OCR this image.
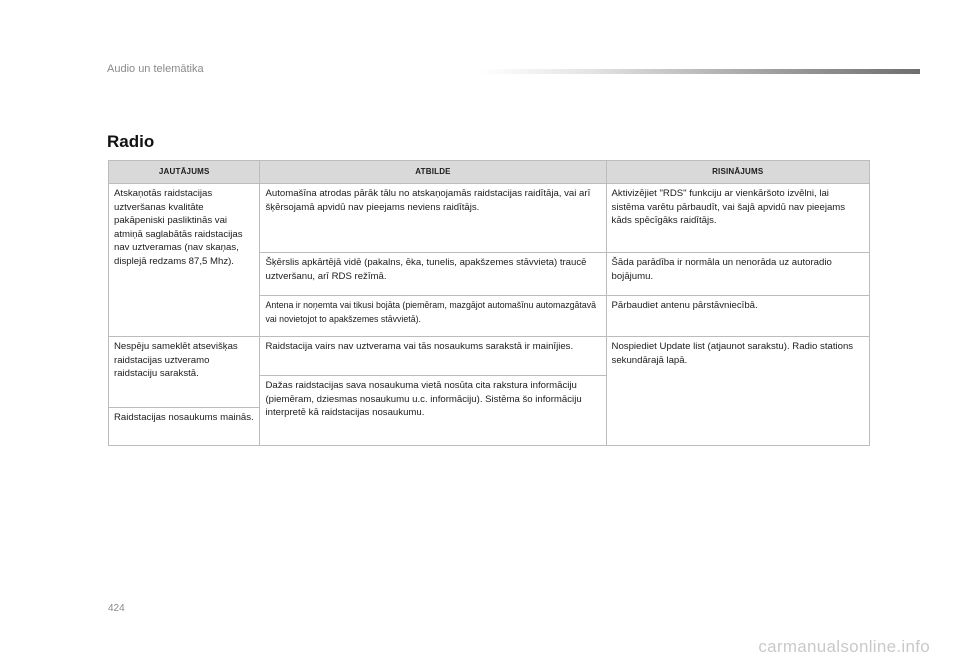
Audio un telemātika
Radio
JAUTĀJUMS	ATBILDE	RISINĀJUMS
Atskaņotās raidstacijas uztveršanas kvalitāte pakāpeniski pasliktinās vai atmiņā saglabātās raidstacijas nav uztveramas (nav skaņas, displejā redzams 87,5 Mhz).	Automašīna atrodas pārāk tālu no atskaņojamās raidstacijas raidītāja, vai arī šķērsojamā apvidū nav pieejams neviens raidītājs.	Aktivizējiet "RDS" funkciju ar vienkāršoto izvēlni, lai sistēma varētu pārbaudīt, vai šajā apvidū nav pieejams kāds spēcīgāks raidītājs.
	Šķērslis apkārtējā vidē (pakalns, ēka, tunelis, apakšzemes stāvvieta) traucē uztveršanu, arī RDS režīmā.	Šāda parādība ir normāla un nenorāda uz autoradio bojājumu.
	Antena ir noņemta vai tikusi bojāta (piemēram, mazgājot automašīnu automazgātavā vai novietojot to apakšzemes stāvvietā).	Pārbaudiet antenu pārstāvniecībā.
Nespēju sameklēt atsevišķas raidstacijas uztveramo raidstaciju sarakstā.	Raidstacija vairs nav uztverama vai tās nosaukums sarakstā ir mainījies.	Nospiediet Update list (atjaunot sarakstu). Radio stations sekundārajā lapā.
	Dažas raidstacijas sava nosaukuma vietā nosūta cita rakstura informāciju (piemēram, dziesmas nosaukumu u.c. informāciju). Sistēma šo informāciju interpretē kā raidstacijas nosaukumu.	
Raidstacijas nosaukums mainās.		
424
carmanualsonline.info
